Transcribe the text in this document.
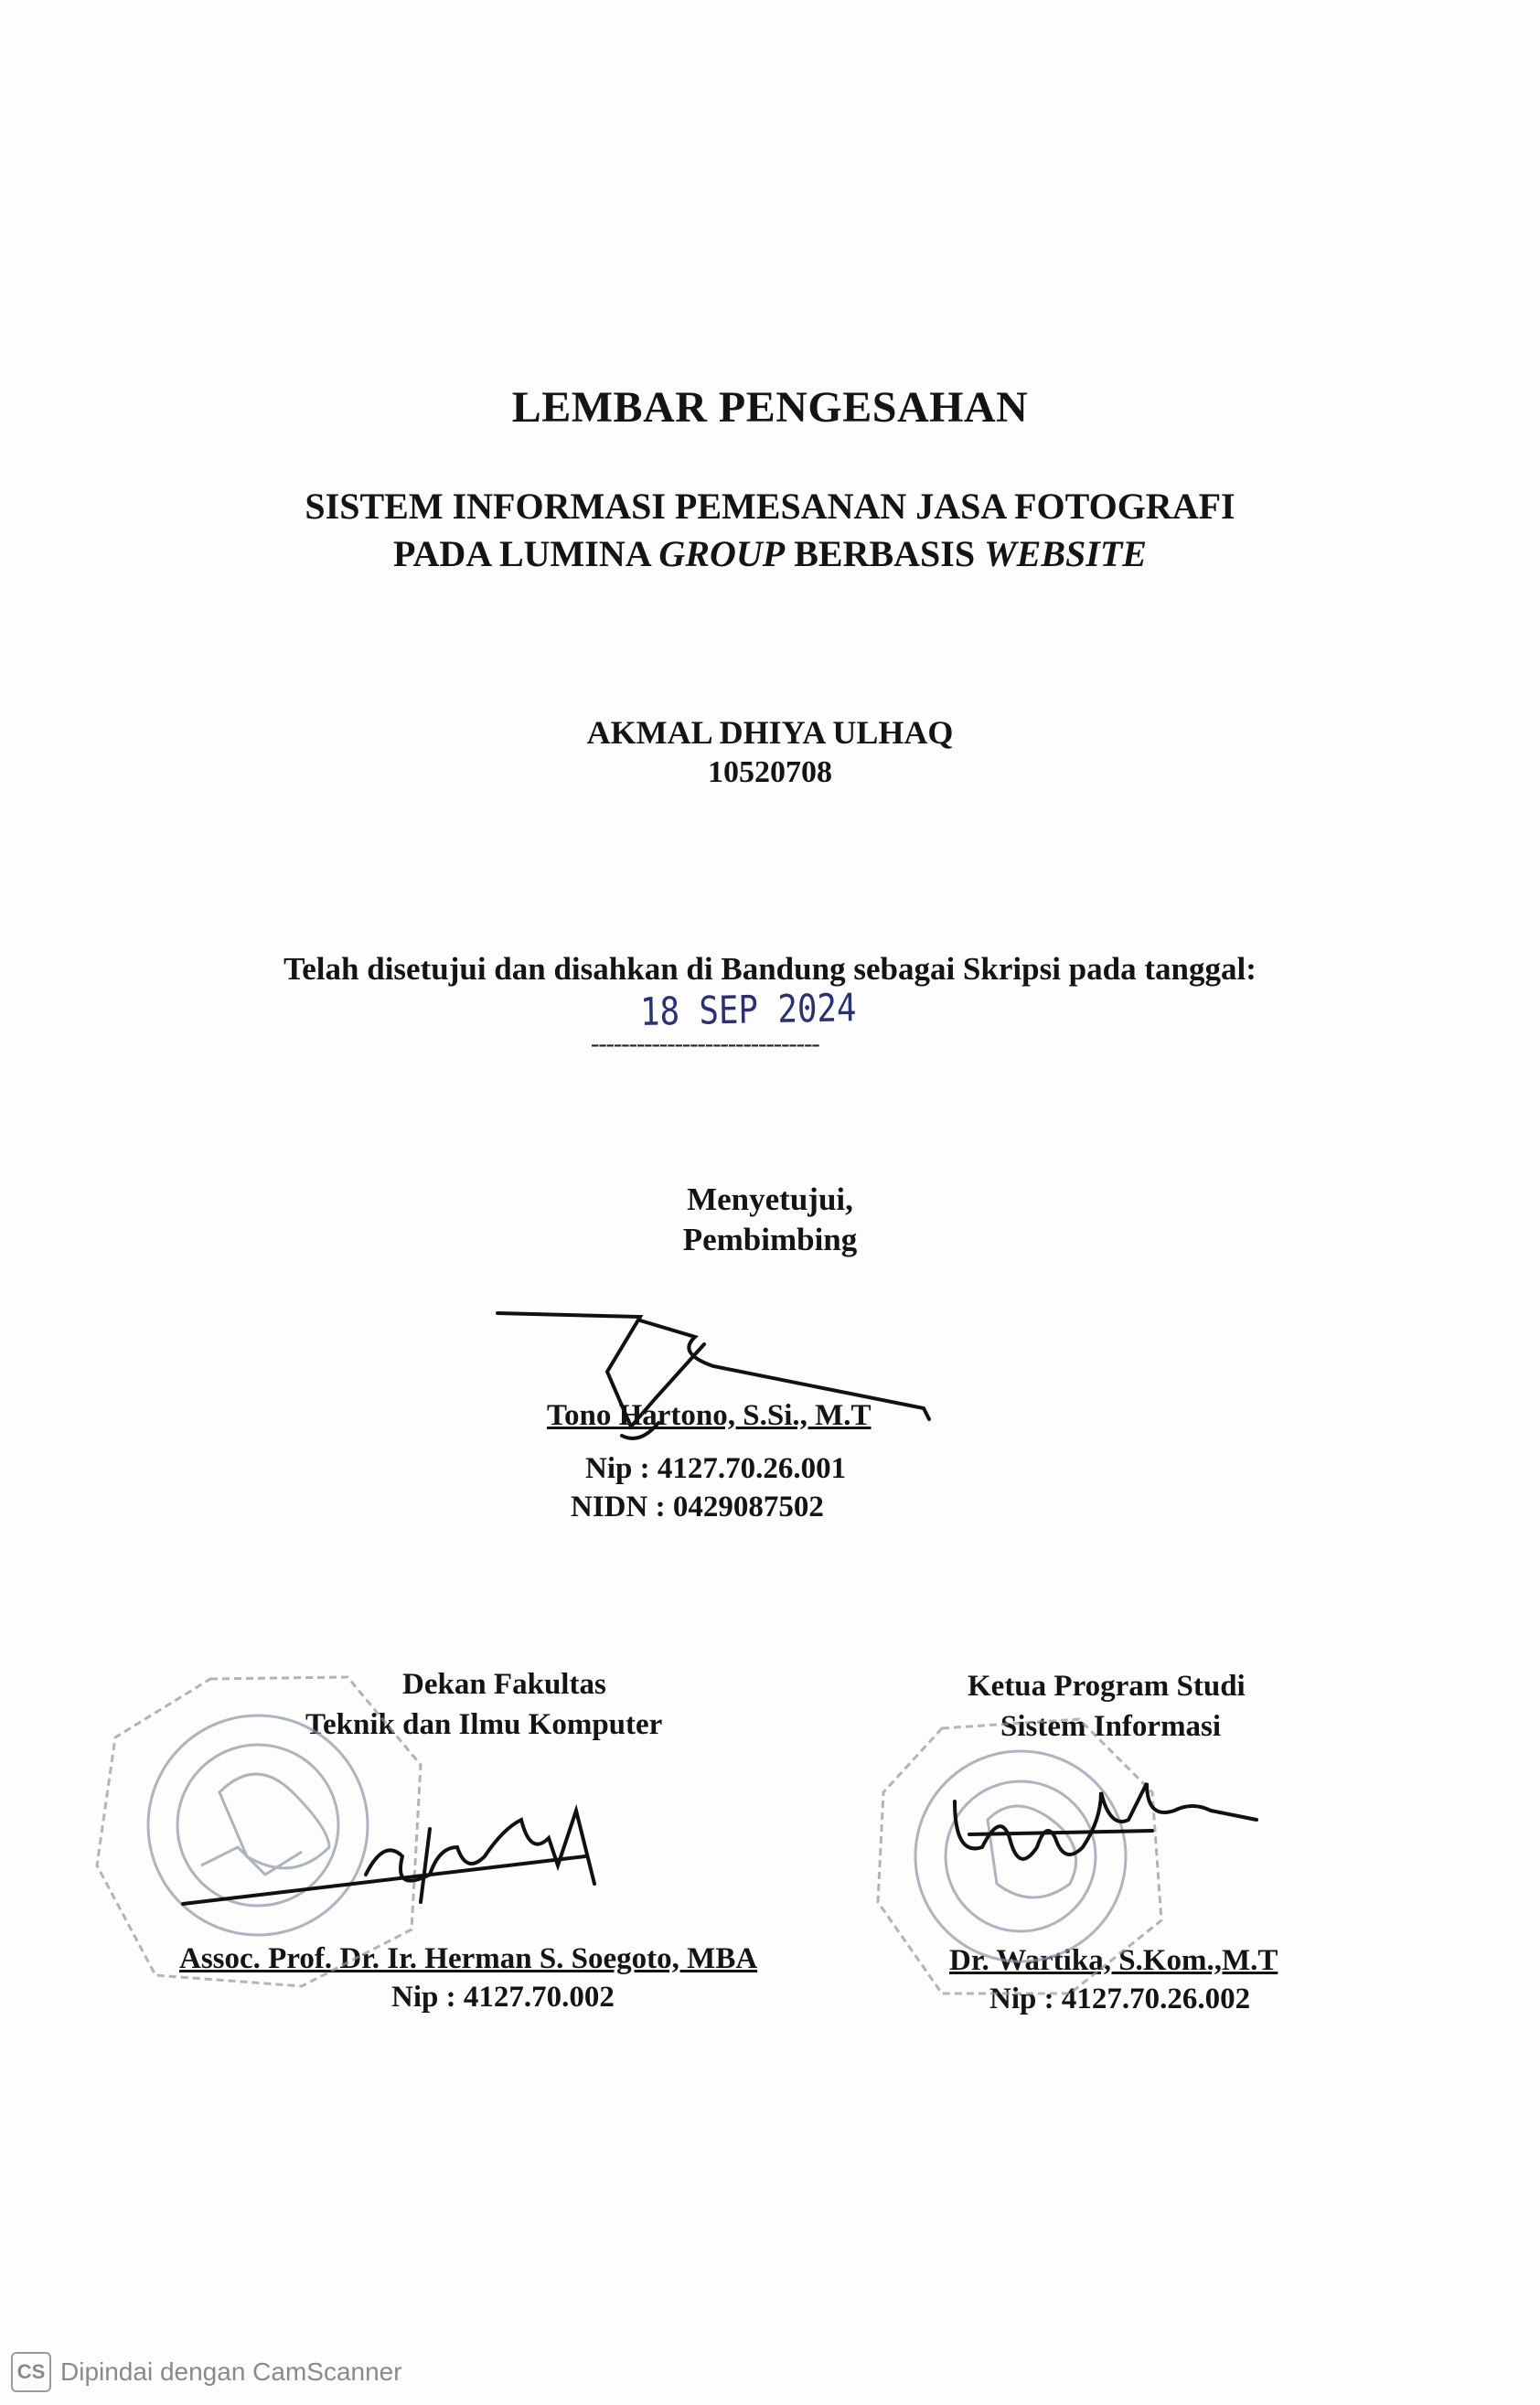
LEMBAR PENGESAHAN
SISTEM INFORMASI PEMESANAN JASA FOTOGRAFI
PADA LUMINA GROUP BERBASIS WEBSITE
AKMAL DHIYA ULHAQ
10520708
Telah disetujui dan disahkan di Bandung sebagai Skripsi pada tanggal:
18 SEP 2024
------------------------------
Menyetujui,
Pembimbing
Tono Hartono, S.Si., M.T
Nip : 4127.70.26.001
NIDN : 0429087502
Dekan Fakultas
Teknik dan Ilmu Komputer
Ketua Program Studi
Sistem Informasi
Assoc. Prof. Dr. Ir. Herman S. Soegoto, MBA
Nip : 4127.70.002
Dr. Wartika, S.Kom.,M.T
Nip : 4127.70.26.002
CS Dipindai dengan CamScanner
